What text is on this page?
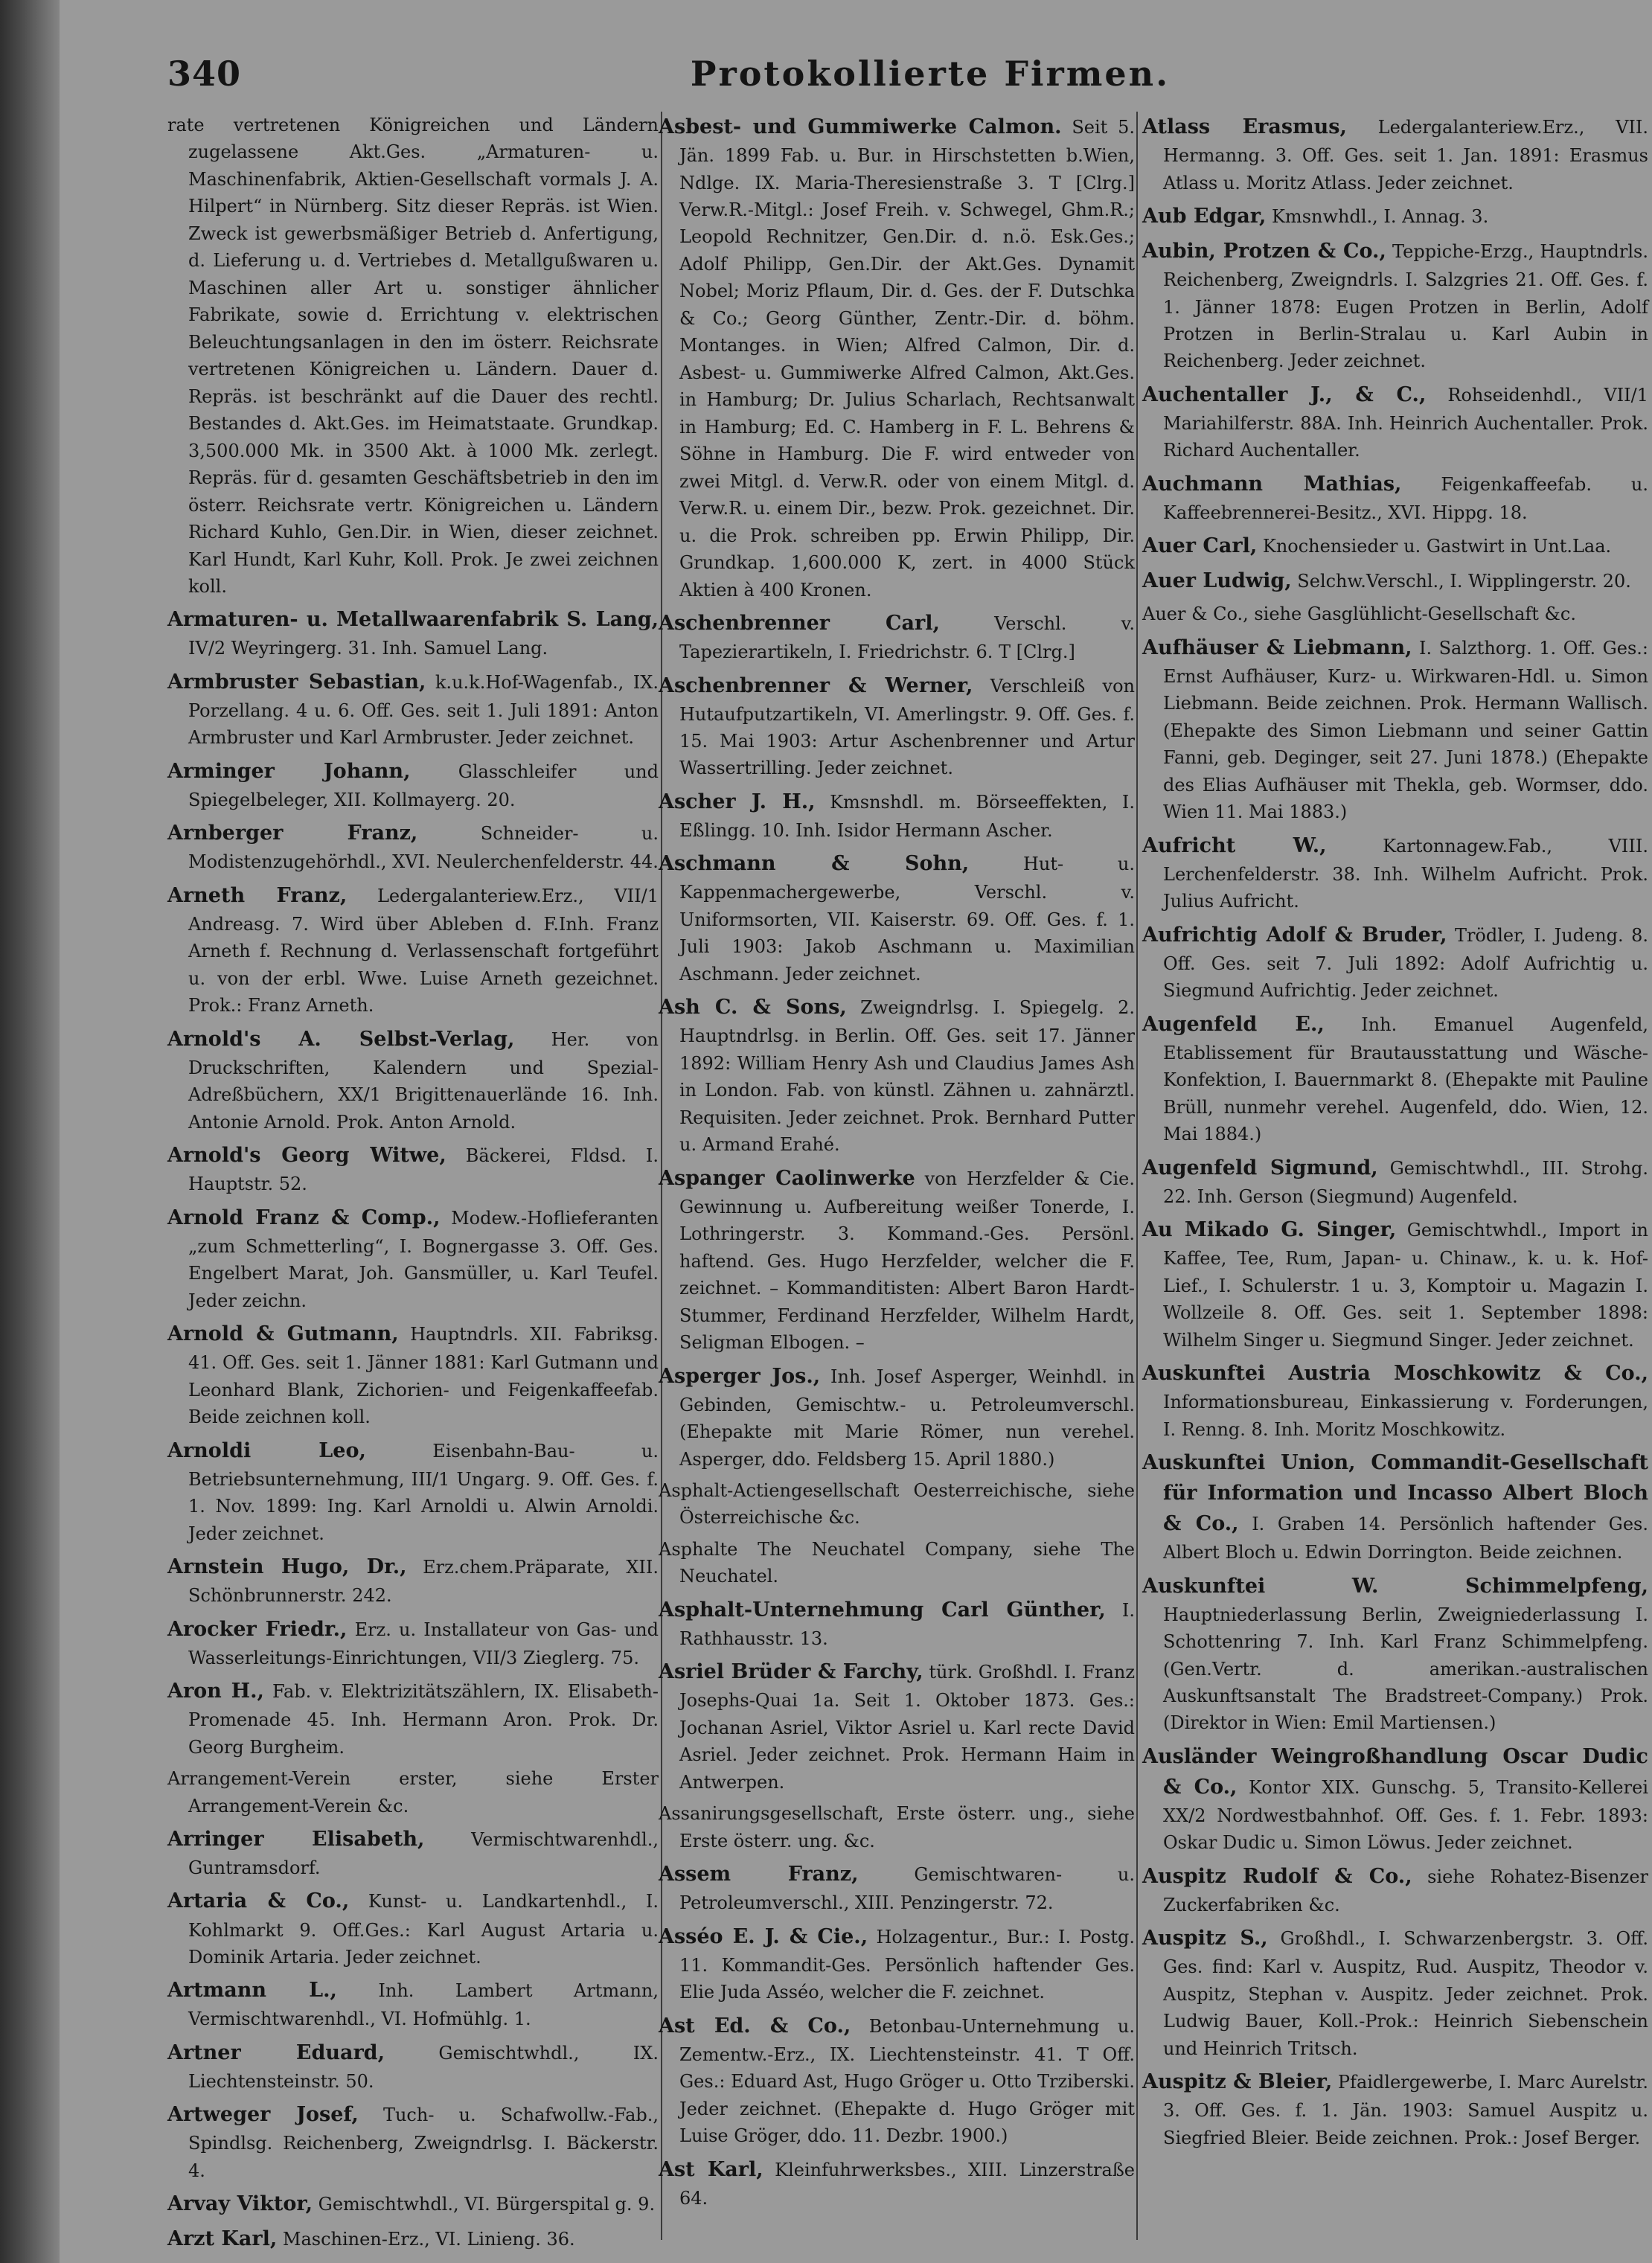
340	Protokollierte Firmen.

rate vertretenen Königreichen und Ländern zugelassene Akt.Ges. „Armaturen- u. Maschinenfabrik, Aktien-Gesellschaft vormals J. A. Hilpert“ in Nürnberg. Sitz dieser Repräs. ist Wien. Zweck ist gewerbsmäßiger Betrieb d. Anfertigung, d. Lieferung u. d. Vertriebes d. Metallgußwaren u. Maschinen aller Art u. sonstiger ähnlicher Fabrikate, sowie d. Errichtung v. elektrischen Beleuchtungsanlagen in den im österr. Reichsrate vertretenen Königreichen u. Ländern. Dauer d. Repräs. ist beschränkt auf die Dauer des rechtl. Bestandes d. Akt.Ges. im Heimatstaate. Grundkap. 3,500.000 Mk. in 3500 Akt. à 1000 Mk. zerlegt. Repräs. für d. gesamten Geschäftsbetrieb in den im österr. Reichsrate vertr. Königreichen u. Ländern Richard Kuhlo, Gen.Dir. in Wien, dieser zeichnet. Karl Hundt, Karl Kuhr, Koll. Prok. Je zwei zeichnen koll.

Armaturen- u. Metallwaarenfabrik S. Lang, IV/2 Weyringerg. 31. Inh. Samuel Lang.

Armbruster Sebastian, k.u.k.Hof-Wagenfab., IX. Porzellang. 4 u. 6. Off. Ges. seit 1. Juli 1891: Anton Armbruster und Karl Armbruster. Jeder zeichnet.

Arminger Johann,	Glasschleifer und Spiegelbeleger, XII. Kollmayerg. 20.

Arnberger Franz,	Schneider- u. Modistenzugehörhdl., XVI. Neulerchenfelderstr. 44.

Arneth Franz, Ledergalanteriew.Erz., VII/1 Andreasg. 7. Wird über Ableben d. F.Inh. Franz Arneth f. Rechnung d. Verlassenschaft fortgeführt u. von der erbl. Wwe. Luise Arneth gezeichnet. Prok.: Franz Arneth.

Arnold's A. Selbst-Verlag, Her. von Druckschriften, Kalendern und Spezial-Adreßbüchern, XX/1 Brigittenauerlände 16. Inh. Antonie Arnold. Prok. Anton Arnold.

Arnold's Georg Witwe, Bäckerei, Fldsd. I. Hauptstr. 52.

Arnold Franz & Comp., Modew.-Hoflieferanten „zum Schmetterling“, I. Bognergasse 3. Off. Ges. Engelbert Marat, Joh. Gansmüller, u. Karl Teufel. Jeder zeichn.

Arnold & Gutmann, Hauptndrls. XII. Fabriksg. 41. Off. Ges. seit 1. Jänner 1881: Karl Gutmann und Leonhard Blank, Zichorien- und Feigenkaffeefab. Beide zeichnen koll.

Arnoldi Leo,	Eisenbahn-Bau- u. Betriebsunternehmung, III/1 Ungarg. 9. Off. Ges. f. 1. Nov. 1899: Ing. Karl Arnoldi u. Alwin Arnoldi. Jeder zeichnet.

Arnstein Hugo, Dr., Erz.chem.Präparate, XII. Schönbrunnerstr. 242.

Arocker Friedr., Erz. u. Installateur von Gas- und Wasserleitungs-Einrichtungen, VII/3 Zieglerg. 75.

Aron H., Fab. v. Elektrizitätszählern, IX. Elisabeth-Promenade 45. Inh. Hermann Aron. Prok. Dr. Georg Burgheim.

Arrangement-Verein erster, siehe Erster Arrangement-Verein &c.

Arringer Elisabeth,	Vermischtwarenhdl., Guntramsdorf.

Artaria & Co., Kunst- u. Landkartenhdl., I. Kohlmarkt 9. Off.Ges.: Karl August Artaria u. Dominik Artaria. Jeder zeichnet.

Artmann L., Inh. Lambert Artmann, Vermischtwarenhdl., VI. Hofmühlg. 1.

Artner Eduard,	Gemischtwhdl., IX. Liechtensteinstr. 50.

Artweger Josef, Tuch- u. Schafwollw.-Fab., Spindlsg. Reichenberg, Zweigndrlsg. I. Bäckerstr. 4.

Arvay Viktor, Gemischtwhdl., VI. Bürgerspital g. 9.

Arzt Karl, Maschinen-Erz., VI. Linieng. 36.

Asbest- und Gummiwerke Calmon. Seit 5. Jän. 1899 Fab. u. Bur. in Hirschstetten b.Wien, Ndlge. IX. Maria-Theresienstraße 3. T [Clrg.] Verw.R.-Mitgl.: Josef Freih. v. Schwegel, Ghm.R.; Leopold Rechnitzer, Gen.Dir. d. n.ö. Esk.Ges.; Adolf Philipp, Gen.Dir. der Akt.Ges. Dynamit Nobel; Moriz Pflaum, Dir. d. Ges. der F. Dutschka & Co.; Georg Günther, Zentr.-Dir. d. böhm. Montanges. in Wien; Alfred Calmon, Dir. d. Asbest- u. Gummiwerke Alfred Calmon, Akt.Ges. in Hamburg; Dr. Julius Scharlach, Rechtsanwalt in Hamburg; Ed. C. Hamberg in F. L. Behrens & Söhne in Hamburg. Die F. wird entweder von zwei Mitgl. d. Verw.R. oder von einem Mitgl. d. Verw.R. u. einem Dir., bezw. Prok. gezeichnet. Dir. u. die Prok. schreiben pp. Erwin Philipp, Dir. Grundkap. 1,600.000 K, zert. in 4000 Stück Aktien à 400 Kronen.

Aschenbrenner Carl,	Verschl. v. Tapezierartikeln, I. Friedrichstr. 6. T [Clrg.]

Aschenbrenner & Werner, Verschleiß von Hutaufputzartikeln, VI. Amerlingstr. 9. Off. Ges. f. 15. Mai 1903: Artur Aschenbrenner und Artur Wassertrilling. Jeder zeichnet.

Ascher J. H., Kmsnshdl. m. Börseeffekten, I. Eßlingg. 10. Inh. Isidor Hermann Ascher.

Aschmann & Sohn,	Hut- u. Kappenmachergewerbe, Verschl. v. Uniformsorten, VII. Kaiserstr. 69. Off. Ges. f. 1. Juli 1903: Jakob Aschmann u. Maximilian Aschmann. Jeder zeichnet.

Ash C. & Sons, Zweigndrlsg. I. Spiegelg. 2. Hauptndrlsg. in Berlin. Off. Ges. seit 17. Jänner 1892: William Henry Ash und Claudius James Ash in London. Fab. von künstl. Zähnen u. zahnärztl. Requisiten. Jeder zeichnet. Prok. Bernhard Putter u. Armand Erahé.

Aspanger Caolinwerke von Herzfelder & Cie. Gewinnung u. Aufbereitung weißer Tonerde, I. Lothringerstr. 3. Kommand.-Ges. Persönl. haftend. Ges. Hugo Herzfelder, welcher die F. zeichnet. – Kommanditisten: Albert Baron Hardt-Stummer, Ferdinand Herzfelder, Wilhelm Hardt, Seligman Elbogen. –

Asperger Jos., Inh. Josef Asperger, Weinhdl. in Gebinden, Gemischtw.- u. Petroleumverschl. (Ehepakte mit Marie Römer, nun verehel. Asperger, ddo. Feldsberg 15. April 1880.)

Asphalt-Actiengesellschaft Oesterreichische, siehe Österreichische &c.

Asphalte The Neuchatel Company, siehe The Neuchatel.

Asphalt-Unternehmung Carl Günther, I. Rathhausstr. 13.

Asriel Brüder & Farchy, türk. Großhdl. I. Franz Josephs-Quai 1a. Seit 1. Oktober 1873. Ges.: Jochanan Asriel, Viktor Asriel u. Karl recte David Asriel. Jeder zeichnet. Prok. Hermann Haim in Antwerpen.

Assanirungsgesellschaft, Erste österr. ung., siehe Erste österr. ung. &c.

Assem Franz,	Gemischtwaren- u. Petroleumverschl., XIII. Penzingerstr. 72.

Asséo E. J. & Cie., Holzagentur., Bur.: I. Postg. 11. Kommandit-Ges. Persönlich haftender Ges. Elie Juda Asséo, welcher die F. zeichnet.

Ast Ed. & Co., Betonbau-Unternehmung u. Zementw.-Erz., IX. Liechtensteinstr. 41. T Off. Ges.: Eduard Ast, Hugo Gröger u. Otto Trziberski. Jeder zeichnet. (Ehepakte d. Hugo Gröger mit Luise Gröger, ddo. 11. Dezbr. 1900.)

Ast Karl, Kleinfuhrwerksbes., XIII. Linzerstraße 64.

Atlass Erasmus, Ledergalanteriew.Erz., VII. Hermanng. 3. Off. Ges. seit 1. Jan. 1891: Erasmus Atlass u. Moritz Atlass. Jeder zeichnet.

Aub Edgar, Kmsnwhdl., I. Annag. 3.

Aubin, Protzen & Co., Teppiche-Erzg., Hauptndrls. Reichenberg, Zweigndrls. I. Salzgries 21. Off. Ges. f. 1. Jänner 1878: Eugen Protzen in Berlin, Adolf Protzen in Berlin-Stralau u. Karl Aubin in Reichenberg. Jeder zeichnet.

Auchentaller J., & C., Rohseidenhdl., VII/1 Mariahilferstr. 88A. Inh. Heinrich Auchentaller. Prok. Richard Auchentaller.

Auchmann Mathias, Feigenkaffeefab. u. Kaffeebrennerei-Besitz., XVI. Hippg. 18.

Auer Carl, Knochensieder u. Gastwirt in Unt.Laa.

Auer Ludwig, Selchw.Verschl., I. Wipplingerstr. 20.

Auer & Co., siehe Gasglühlicht-Gesellschaft &c.

Aufhäuser & Liebmann, I. Salzthorg. 1. Off. Ges.: Ernst Aufhäuser, Kurz- u. Wirkwaren-Hdl. u. Simon Liebmann. Beide zeichnen. Prok. Hermann Wallisch. (Ehepakte des Simon Liebmann und seiner Gattin Fanni, geb. Deginger, seit 27. Juni 1878.) (Ehepakte des Elias Aufhäuser mit Thekla, geb. Wormser, ddo. Wien 11. Mai 1883.)

Aufricht W.,	Kartonnagew.Fab., VIII. Lerchenfelderstr. 38. Inh. Wilhelm Aufricht. Prok. Julius Aufricht.

Aufrichtig Adolf & Bruder, Trödler, I. Judeng. 8. Off. Ges. seit 7. Juli 1892: Adolf Aufrichtig u. Siegmund Aufrichtig. Jeder zeichnet.

Augenfeld E., Inh. Emanuel Augenfeld, Etablissement für Brautausstattung und Wäsche-Konfektion, I. Bauernmarkt 8. (Ehepakte mit Pauline Brüll, nunmehr verehel. Augenfeld, ddo. Wien, 12. Mai 1884.)

Augenfeld Sigmund, Gemischtwhdl., III. Strohg. 22. Inh. Gerson (Siegmund) Augenfeld.

Au Mikado G. Singer, Gemischtwhdl., Import in Kaffee, Tee, Rum, Japan- u. Chinaw., k. u. k. Hof-Lief., I. Schulerstr. 1 u. 3, Komptoir u. Magazin I. Wollzeile 8. Off. Ges. seit 1. September 1898: Wilhelm Singer u. Siegmund Singer. Jeder zeichnet.

Auskunftei Austria Moschkowitz & Co., Informationsbureau, Einkassierung v. Forderungen, I. Renng. 8. Inh. Moritz Moschkowitz.

Auskunftei Union, Commandit-Gesellschaft für Information und Incasso Albert Bloch & Co., I. Graben 14. Persönlich haftender Ges. Albert Bloch u. Edwin Dorrington. Beide zeichnen.

Auskunftei W. Schimmelpfeng, Hauptniederlassung Berlin, Zweigniederlassung I. Schottenring 7. Inh. Karl Franz Schimmelpfeng. (Gen.Vertr. d. amerikan.-australischen Auskunftsanstalt The Bradstreet-Company.) Prok. (Direktor in Wien: Emil Martiensen.)

Ausländer Weingroßhandlung Oscar Dudic & Co., Kontor XIX. Gunschg. 5, Transito-Kellerei XX/2 Nordwestbahnhof. Off. Ges. f. 1. Febr. 1893: Oskar Dudic u. Simon Löwus. Jeder zeichnet.

Auspitz Rudolf & Co., siehe Rohatez-Bisenzer Zuckerfabriken &c.

Auspitz S., Großhdl., I. Schwarzenbergstr. 3. Off. Ges. find: Karl v. Auspitz, Rud. Auspitz, Theodor v. Auspitz, Stephan v. Auspitz. Jeder zeichnet. Prok. Ludwig Bauer, Koll.-Prok.: Heinrich Siebenschein und Heinrich Tritsch.

Auspitz & Bleier, Pfaidlergewerbe, I. Marc Aurelstr. 3. Off. Ges. f. 1. Jän. 1903: Samuel Auspitz u. Siegfried Bleier. Beide zeichnen. Prok.: Josef Berger.
